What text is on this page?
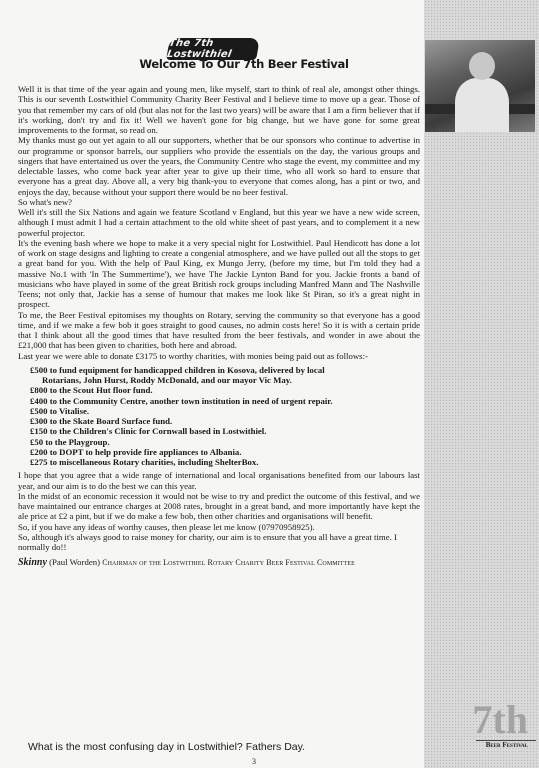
The 7th Lostwithiel
Welcome To Our 7th Beer Festival

Well it is that time of the year again and young men, like myself, start to think of real ale, amongst other things. This is our seventh Lostwithiel Community Charity Beer Festival and I believe time to move up a gear. Those of you that remember my cars of old (but alas not for the last two years) will be aware that I am a firm believer that if it's working, don't try and fix it! Well we haven't gone for big change, but we have gone for some great improvements to the format, so read on.

My thanks must go out yet again to all our supporters, whether that be our sponsors who continue to advertise in our programme or sponsor barrels, our suppliers who provide the essentials on the day, the various groups and singers that have entertained us over the years, the Community Centre who stage the event, my committee and my delectable lasses, who come back year after year to give up their time, who all work so hard to ensure that everyone has a great day. Above all, a very big thank-you to everyone that comes along, has a pint or two, and enjoys the day, because without your support there would be no beer festival.

So what's new?

Well it's still the Six Nations and again we feature Scotland v England, but this year we have a new wide screen, although I must admit I had a certain attachment to the old white sheet of past years, and to complement it a new powerful projector.

It's the evening bash where we hope to make it a very special night for Lostwithiel. Paul Hendicott has done a lot of work on stage designs and lighting to create a congenial atmosphere, and we have pulled out all the stops to get a great band for you. With the help of Paul King, ex Mungo Jerry, (before my time, but I'm told they had a massive No.1 with 'In The Summertime'), we have The Jackie Lynton Band for you. Jackie fronts a band of musicians who have played in some of the great British rock groups including Manfred Mann and The Nashville Teens; not only that, Jackie has a sense of humour that makes me look like St Piran, so it's a great night in prospect.

To me, the Beer Festival epitomises my thoughts on Rotary, serving the community so that everyone has a good time, and if we make a few bob it goes straight to good causes, no admin costs here! So it is with a certain pride that I think about all the good times that have resulted from the beer festivals, and wonder in awe about the £21,000 that has been given to charities, both here and abroad.

Last year we were able to donate £3175 to worthy charities, with monies being paid out as follows:-

£500 to fund equipment for handicapped children in Kosova, delivered by local
Rotarians, John Hurst, Roddy McDonald, and our mayor Vic May.
£800 to the Scout Hut floor fund.
£400 to the Community Centre, another town institution in need of urgent repair.
£500 to Vitalise.
£300 to the Skate Board Surface fund.
£150 to the Children's Clinic for Cornwall based in Lostwithiel.
£50 to the Playgroup.
£200 to DOPT to help provide fire appliances to Albania.
£275 to miscellaneous Rotary charities, including ShelterBox.

I hope that you agree that a wide range of international and local organisations benefited from our labours last year, and our aim is to do the best we can this year.

In the midst of an economic recession it would not be wise to try and predict the outcome of this festival, and we have maintained our entrance charges at 2008 rates, brought in a great band, and more importantly have kept the ale price at £2 a pint, but if we do make a few bob, then other charities and organisations will benefit.

So, if you have any ideas of worthy causes, then please let me know (07970958925).

So, although it's always good to raise money for charity, our aim is to ensure that you all have a great time. I normally do!!

Skinny (Paul Worden) Chairman of the Lostwithiel Rotary Charity Beer Festival Committee
7th
Beer Festival
What is the most confusing day in Lostwithiel? Fathers Day.
3
